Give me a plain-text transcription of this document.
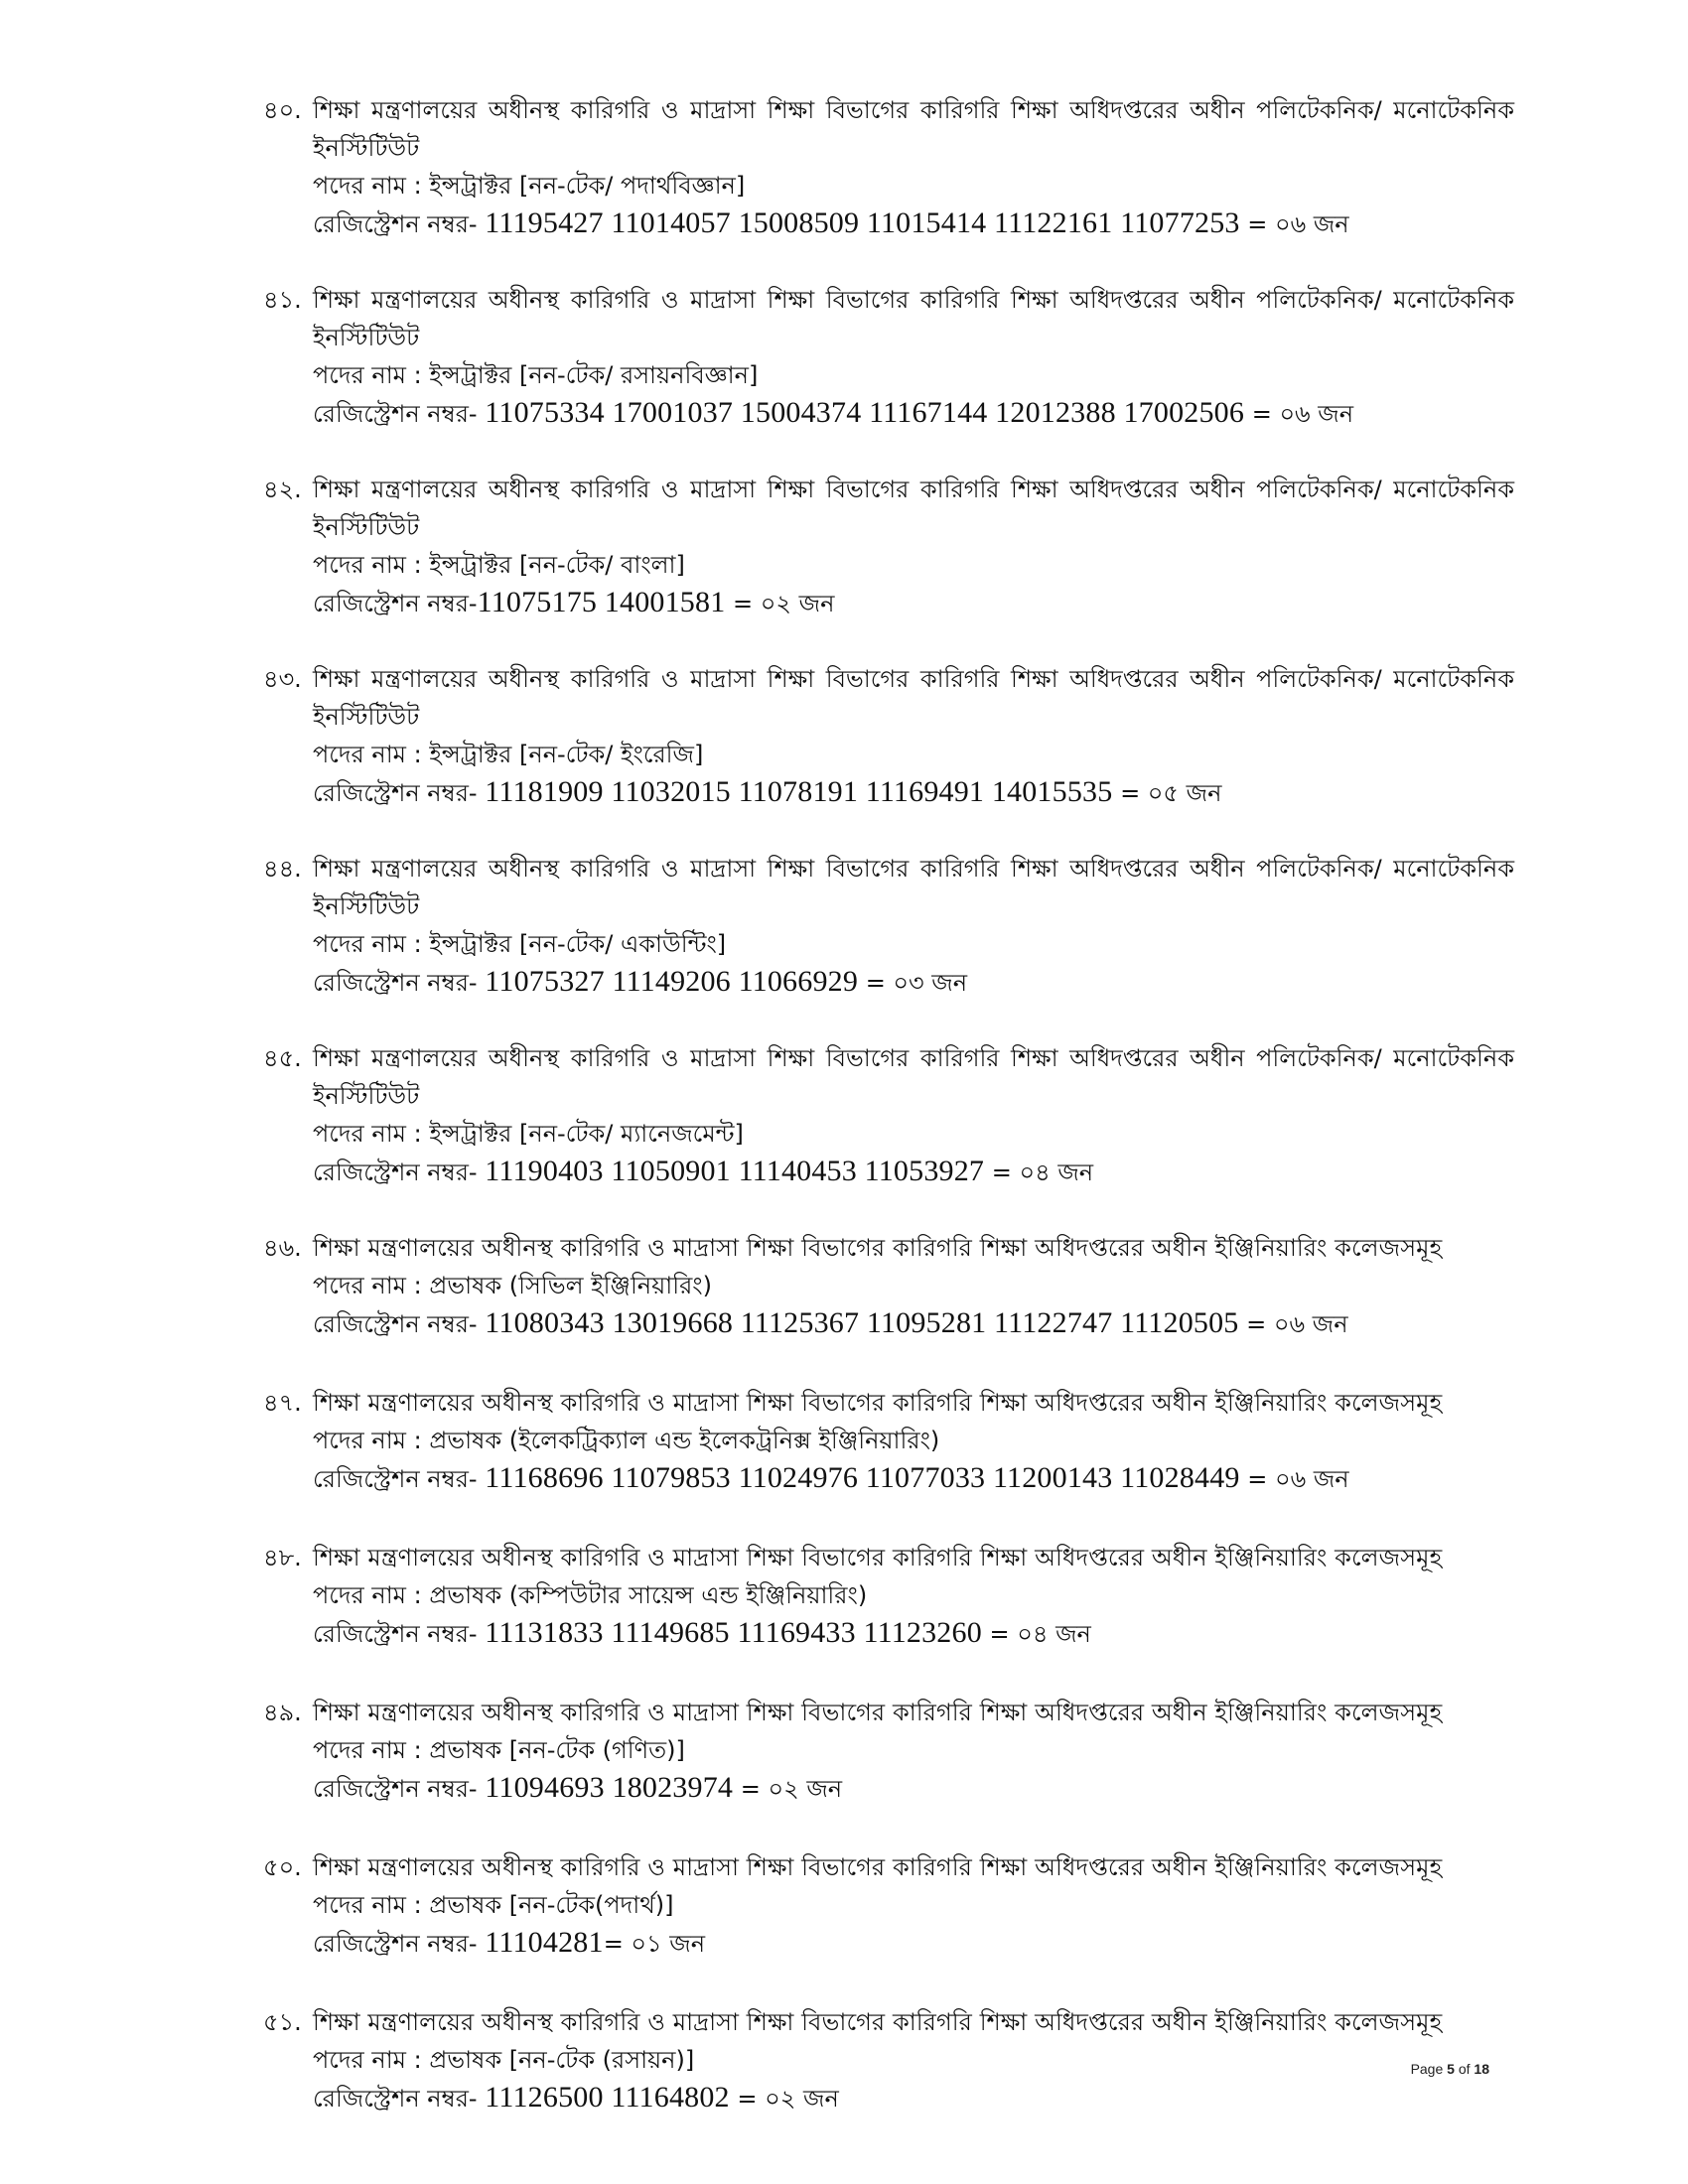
৪০. শিক্ষা মন্ত্রণালয়ের অধীনস্থ কারিগরি ও মাদ্রাসা শিক্ষা বিভাগের কারিগরি শিক্ষা অধিদপ্তরের অধীন পলিটেকনিক/ মনোটেকনিক ইনস্টিটিউট
পদের নাম : ইন্সট্রাক্টর [নন-টেক/ পদার্থবিজ্ঞান]
রেজিস্ট্রেশন নম্বর- 11195427 11014057 15008509 11015414 11122161 11077253 = ০৬ জন
৪১. শিক্ষা মন্ত্রণালয়ের অধীনস্থ কারিগরি ও মাদ্রাসা শিক্ষা বিভাগের কারিগরি শিক্ষা অধিদপ্তরের অধীন পলিটেকনিক/ মনোটেকনিক ইনস্টিটিউট
পদের নাম : ইন্সট্রাক্টর [নন-টেক/ রসায়নবিজ্ঞান]
রেজিস্ট্রেশন নম্বর- 11075334 17001037 15004374 11167144 12012388 17002506 = ০৬ জন
৪২. শিক্ষা মন্ত্রণালয়ের অধীনস্থ কারিগরি ও মাদ্রাসা শিক্ষা বিভাগের কারিগরি শিক্ষা অধিদপ্তরের অধীন পলিটেকনিক/ মনোটেকনিক ইনস্টিটিউট
পদের নাম : ইন্সট্রাক্টর [নন-টেক/ বাংলা]
রেজিস্ট্রেশন নম্বর-11075175 14001581 = ০২ জন
৪৩. শিক্ষা মন্ত্রণালয়ের অধীনস্থ কারিগরি ও মাদ্রাসা শিক্ষা বিভাগের কারিগরি শিক্ষা অধিদপ্তরের অধীন পলিটেকনিক/ মনোটেকনিক ইনস্টিটিউট
পদের নাম : ইন্সট্রাক্টর [নন-টেক/ ইংরেজি]
রেজিস্ট্রেশন নম্বর- 11181909 11032015 11078191 11169491 14015535 = ০৫ জন
৪৪. শিক্ষা মন্ত্রণালয়ের অধীনস্থ কারিগরি ও মাদ্রাসা শিক্ষা বিভাগের কারিগরি শিক্ষা অধিদপ্তরের অধীন পলিটেকনিক/ মনোটেকনিক ইনস্টিটিউট
পদের নাম : ইন্সট্রাক্টর [নন-টেক/ একাউন্টিং]
রেজিস্ট্রেশন নম্বর- 11075327 11149206 11066929 = ০৩ জন
৪৫. শিক্ষা মন্ত্রণালয়ের অধীনস্থ কারিগরি ও মাদ্রাসা শিক্ষা বিভাগের কারিগরি শিক্ষা অধিদপ্তরের অধীন পলিটেকনিক/ মনোটেকনিক ইনস্টিটিউট
পদের নাম : ইন্সট্রাক্টর [নন-টেক/ ম্যানেজমেন্ট]
রেজিস্ট্রেশন নম্বর- 11190403 11050901 11140453 11053927 = ০৪ জন
৪৬. শিক্ষা মন্ত্রণালয়ের অধীনস্থ কারিগরি ও মাদ্রাসা শিক্ষা বিভাগের কারিগরি শিক্ষা অধিদপ্তরের অধীন ইঞ্জিনিয়ারিং কলেজসমূহ
পদের নাম : প্রভাষক (সিভিল ইঞ্জিনিয়ারিং)
রেজিস্ট্রেশন নম্বর- 11080343 13019668 11125367 11095281 11122747 11120505 = ০৬ জন
৪৭. শিক্ষা মন্ত্রণালয়ের অধীনস্থ কারিগরি ও মাদ্রাসা শিক্ষা বিভাগের কারিগরি শিক্ষা অধিদপ্তরের অধীন ইঞ্জিনিয়ারিং কলেজসমূহ
পদের নাম : প্রভাষক (ইলেকট্রিক্যাল এন্ড ইলেকট্রনিক্স ইঞ্জিনিয়ারিং)
রেজিস্ট্রেশন নম্বর- 11168696 11079853 11024976 11077033 11200143 11028449 = ০৬ জন
৪৮. শিক্ষা মন্ত্রণালয়ের অধীনস্থ কারিগরি ও মাদ্রাসা শিক্ষা বিভাগের কারিগরি শিক্ষা অধিদপ্তরের অধীন ইঞ্জিনিয়ারিং কলেজসমূহ
পদের নাম : প্রভাষক (কম্পিউটার সায়েন্স এন্ড ইঞ্জিনিয়ারিং)
রেজিস্ট্রেশন নম্বর- 11131833 11149685 11169433 11123260 = ০৪ জন
৪৯. শিক্ষা মন্ত্রণালয়ের অধীনস্থ কারিগরি ও মাদ্রাসা শিক্ষা বিভাগের কারিগরি শিক্ষা অধিদপ্তরের অধীন ইঞ্জিনিয়ারিং কলেজসমূহ
পদের নাম : প্রভাষক [নন-টেক (গণিত)]
রেজিস্ট্রেশন নম্বর- 11094693 18023974 = ০২ জন
৫০. শিক্ষা মন্ত্রণালয়ের অধীনস্থ কারিগরি ও মাদ্রাসা শিক্ষা বিভাগের কারিগরি শিক্ষা অধিদপ্তরের অধীন ইঞ্জিনিয়ারিং কলেজসমূহ
পদের নাম : প্রভাষক [নন-টেক(পদার্থ)]
রেজিস্ট্রেশন নম্বর- 11104281= ০১ জন
৫১. শিক্ষা মন্ত্রণালয়ের অধীনস্থ কারিগরি ও মাদ্রাসা শিক্ষা বিভাগের কারিগরি শিক্ষা অধিদপ্তরের অধীন ইঞ্জিনিয়ারিং কলেজসমূহ
পদের নাম : প্রভাষক [নন-টেক (রসায়ন)]
রেজিস্ট্রেশন নম্বর- 11126500 11164802 = ০২ জন
Page 5 of 18
